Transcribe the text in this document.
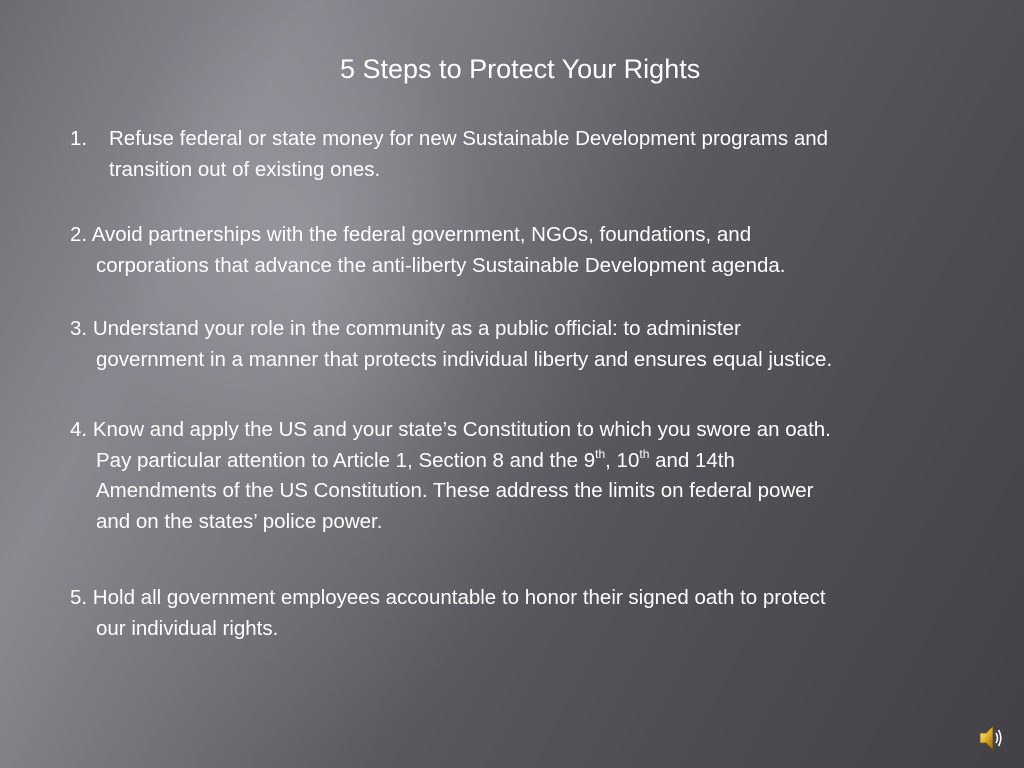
5 Steps to Protect Your Rights
1. Refuse federal or state money for new Sustainable Development programs and
transition out of existing ones.
2. Avoid partnerships with the federal government, NGOs, foundations, and
corporations that advance the anti-liberty Sustainable Development agenda.
3. Understand your role in the community as a public official: to administer
government in a manner that protects individual liberty and ensures equal justice.
4. Know and apply the US and your state’s Constitution to which you swore an oath.
Pay particular attention to Article 1, Section 8 and the 9th, 10th and 14th
Amendments of the US Constitution. These address the limits on federal power
and on the states’ police power.
5. Hold all government employees accountable to honor their signed oath to protect
our individual rights.
